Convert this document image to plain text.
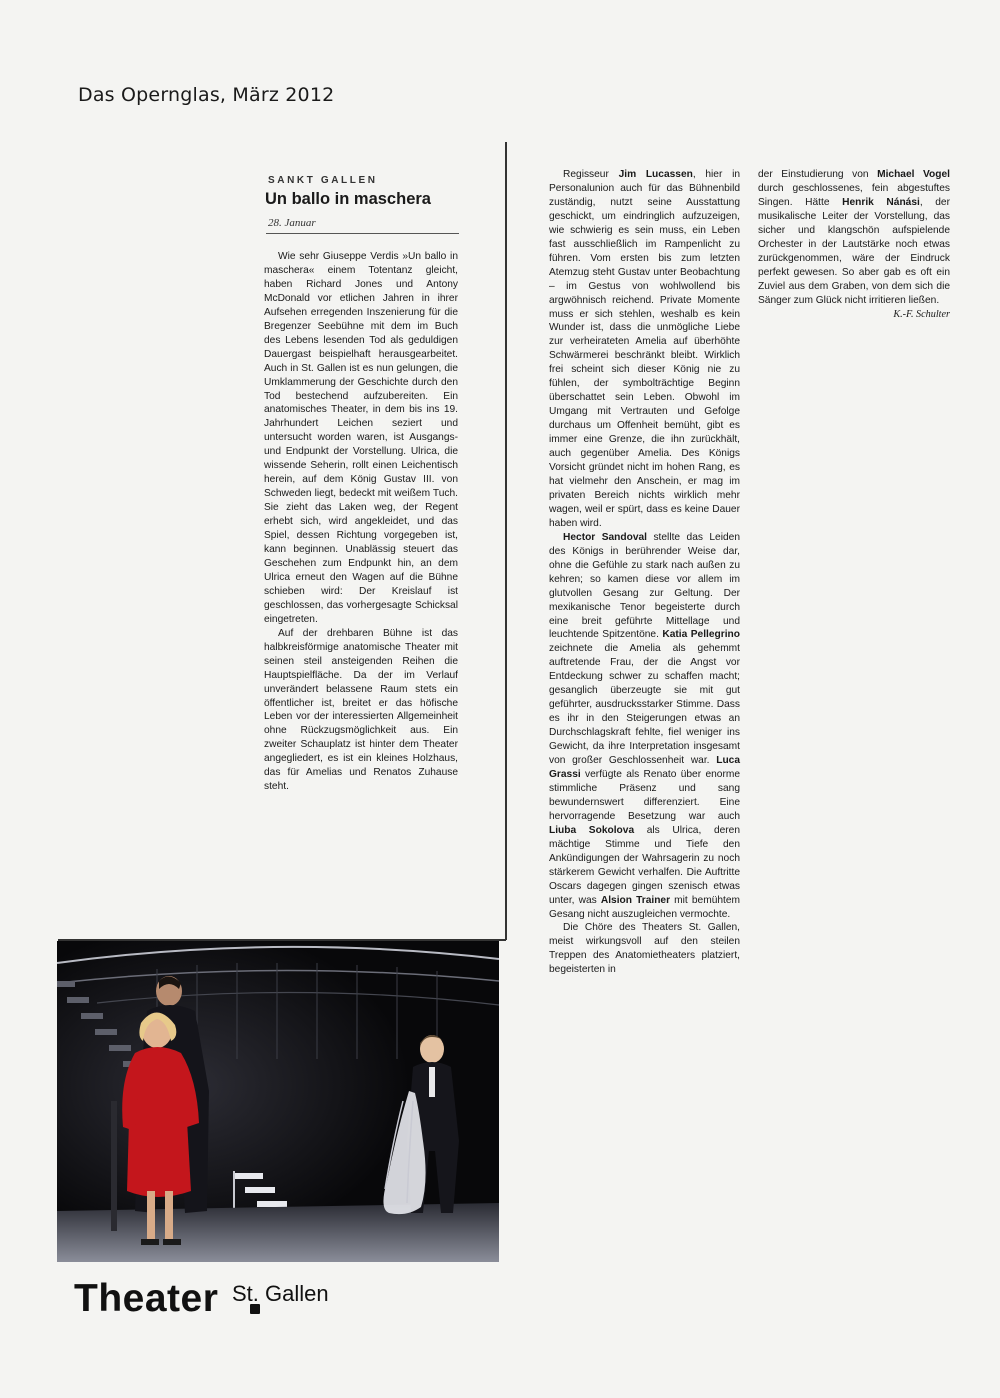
Das Opernglas, März 2012
SANKT GALLEN
Un ballo in maschera
28. Januar

Wie sehr Giuseppe Verdis »Un ballo in maschera« einem Totentanz gleicht, haben Richard Jones und Antony McDonald vor etlichen Jahren in ihrer Aufsehen erregenden Inszenierung für die Bregenzer Seebühne mit dem im Buch des Lebens lesenden Tod als geduldigen Dauergast beispielhaft herausgearbeitet. Auch in St. Gallen ist es nun gelungen, die Umklammerung der Geschichte durch den Tod bestechend aufzubereiten. Ein anatomisches Theater, in dem bis ins 19. Jahrhundert Leichen seziert und untersucht worden waren, ist Ausgangs- und Endpunkt der Vorstellung. Ulrica, die wissende Seherin, rollt einen Leichentisch herein, auf dem König Gustav III. von Schweden liegt, bedeckt mit weißem Tuch. Sie zieht das Laken weg, der Regent erhebt sich, wird angekleidet, und das Spiel, dessen Richtung vorgegeben ist, kann beginnen. Unablässig steuert das Geschehen zum Endpunkt hin, an dem Ulrica erneut den Wagen auf die Bühne schieben wird: Der Kreislauf ist geschlossen, das vorhergesagte Schicksal eingetreten.

Auf der drehbaren Bühne ist das halbkreisförmige anatomische Theater mit seinen steil ansteigenden Reihen die Hauptspielfläche. Da der im Verlauf unverändert belassene Raum stets ein öffentlicher ist, breitet er das höfische Leben vor der interessierten Allgemeinheit ohne Rückzugsmöglichkeit aus. Ein zweiter Schauplatz ist hinter dem Theater angegliedert, es ist ein kleines Holzhaus, das für Amelias und Renatos Zuhause steht.

Regisseur Jim Lucassen, hier in Personalunion auch für das Bühnenbild zuständig, nutzt seine Ausstattung geschickt, um eindringlich aufzuzeigen, wie schwierig es sein muss, ein Leben fast ausschließlich im Rampenlicht zu führen. Vom ersten bis zum letzten Atemzug steht Gustav unter Beobachtung – im Gestus von wohlwollend bis argwöhnisch reichend. Private Momente muss er sich stehlen, weshalb es kein Wunder ist, dass die unmögliche Liebe zur verheirateten Amelia auf überhöhte Schwärmerei beschränkt bleibt. Wirklich frei scheint sich dieser König nie zu fühlen, der symbolträchtige Beginn überschattet sein Leben. Obwohl im Umgang mit Vertrauten und Gefolge durchaus um Offenheit bemüht, gibt es immer eine Grenze, die ihn zurückhält, auch gegenüber Amelia. Des Königs Vorsicht gründet nicht im hohen Rang, es hat vielmehr den Anschein, er mag im privaten Bereich nichts wirklich mehr wagen, weil er spürt, dass es keine Dauer haben wird.

Hector Sandoval stellte das Leiden des Königs in berührender Weise dar, ohne die Gefühle zu stark nach außen zu kehren; so kamen diese vor allem im glutvollen Gesang zur Geltung. Der mexikanische Tenor begeisterte durch eine breit geführte Mittellage und leuchtende Spitzentöne. Katia Pellegrino zeichnete die Amelia als gehemmt auftretende Frau, der die Angst vor Entdeckung schwer zu schaffen macht; gesanglich überzeugte sie mit gut geführter, ausdrucksstarker Stimme. Dass es ihr in den Steigerungen etwas an Durchschlagskraft fehlte, fiel weniger ins Gewicht, da ihre Interpretation insgesamt von großer Geschlossenheit war. Luca Grassi verfügte als Renato über enorme stimmliche Präsenz und sang bewundernswert differenziert. Eine hervorragende Besetzung war auch Liuba Sokolova als Ulrica, deren mächtige Stimme und Tiefe den Ankündigungen der Wahrsagerin zu noch stärkerem Gewicht verhalfen. Die Auftritte Oscars dagegen gingen szenisch etwas unter, was Alsion Trainer mit bemühtem Gesang nicht auszugleichen vermochte.

Die Chöre des Theaters St. Gallen, meist wirkungsvoll auf den steilen Treppen des Anatomietheaters platziert, begeisterten in

der Einstudierung von Michael Vogel durch geschlossenes, fein abgestuftes Singen. Hätte Henrik Nánási, der musikalische Leiter der Vorstellung, das sicher und klangschön aufspielende Orchester in der Lautstärke noch etwas zurückgenommen, wäre der Eindruck perfekt gewesen. So aber gab es oft ein Zuviel aus dem Graben, von dem sich die Sänger zum Glück nicht irritieren ließen.
K.-F. Schulter

Theater St. Gallen
